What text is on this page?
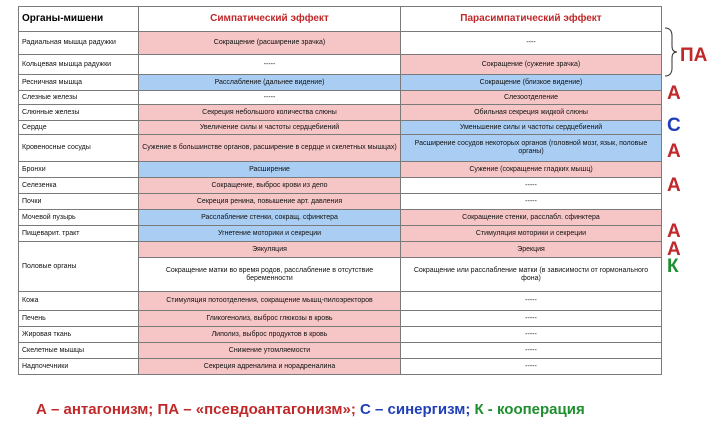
Органы-мишени	Симпатический эффект	Парасимпатический эффект
Радиальная мышца радужки	Сокращение (расширение зрачка)	----
Кольцевая мышца радужки	-----	Сокращение (сужение зрачка)
Ресничная мышца	Расслабление (дальнее видение)	Сокращение (близкое видение)
Слезные железы	-----	Слезоотделение
Слюнные железы	Секреция небольшого количества слюны	Обильная секреция жидкой слюны
Сердце	Увеличение силы и частоты сердцебиений	Уменьшение силы и частоты сердцебиений
Кровеносные сосуды	Сужение в большинстве органов, расширение в сердце и скелетных мышцах)	Расширение сосудов некоторых органов (головной мозг, язык, половые органы)
Бронхи	Расширение	Сужение (сокращение гладких мышц)
Селезенка	Сокращение, выброс крови из депо	-----
Почки	Секреция ренина, повышение арт. давления	-----
Мочевой пузырь	Расслабление стенки, сокращ. сфинктера	Сокращение стенки, расслабл. сфинктера
Пищеварит. тракт	Угнетение моторики и секреции	Стимуляция моторики и секреции
Половые органы	Эякуляция	Эрекция
	Сокращение матки во время родов, расслабление в отсутствие беременности	Сокращение или расслабление матки (в зависимости от гормонального фона)
Кожа	Стимуляция потоотделения, сокращение мышц-пилоэректоров	-----
Печень	Гликогенолиз, выброс глюкозы в кровь	-----
Жировая ткань	Липолиз, выброс продуктов в кровь	-----
Скелетные мышцы	Снижение утомляемости	-----
Надпочечники	Секреция адреналина и норадреналина	-----
ПА
А
С
А
А
А
А
К
А – антагонизм; ПА – «псевдоантагонизм»; С – синергизм; К - кооперация
